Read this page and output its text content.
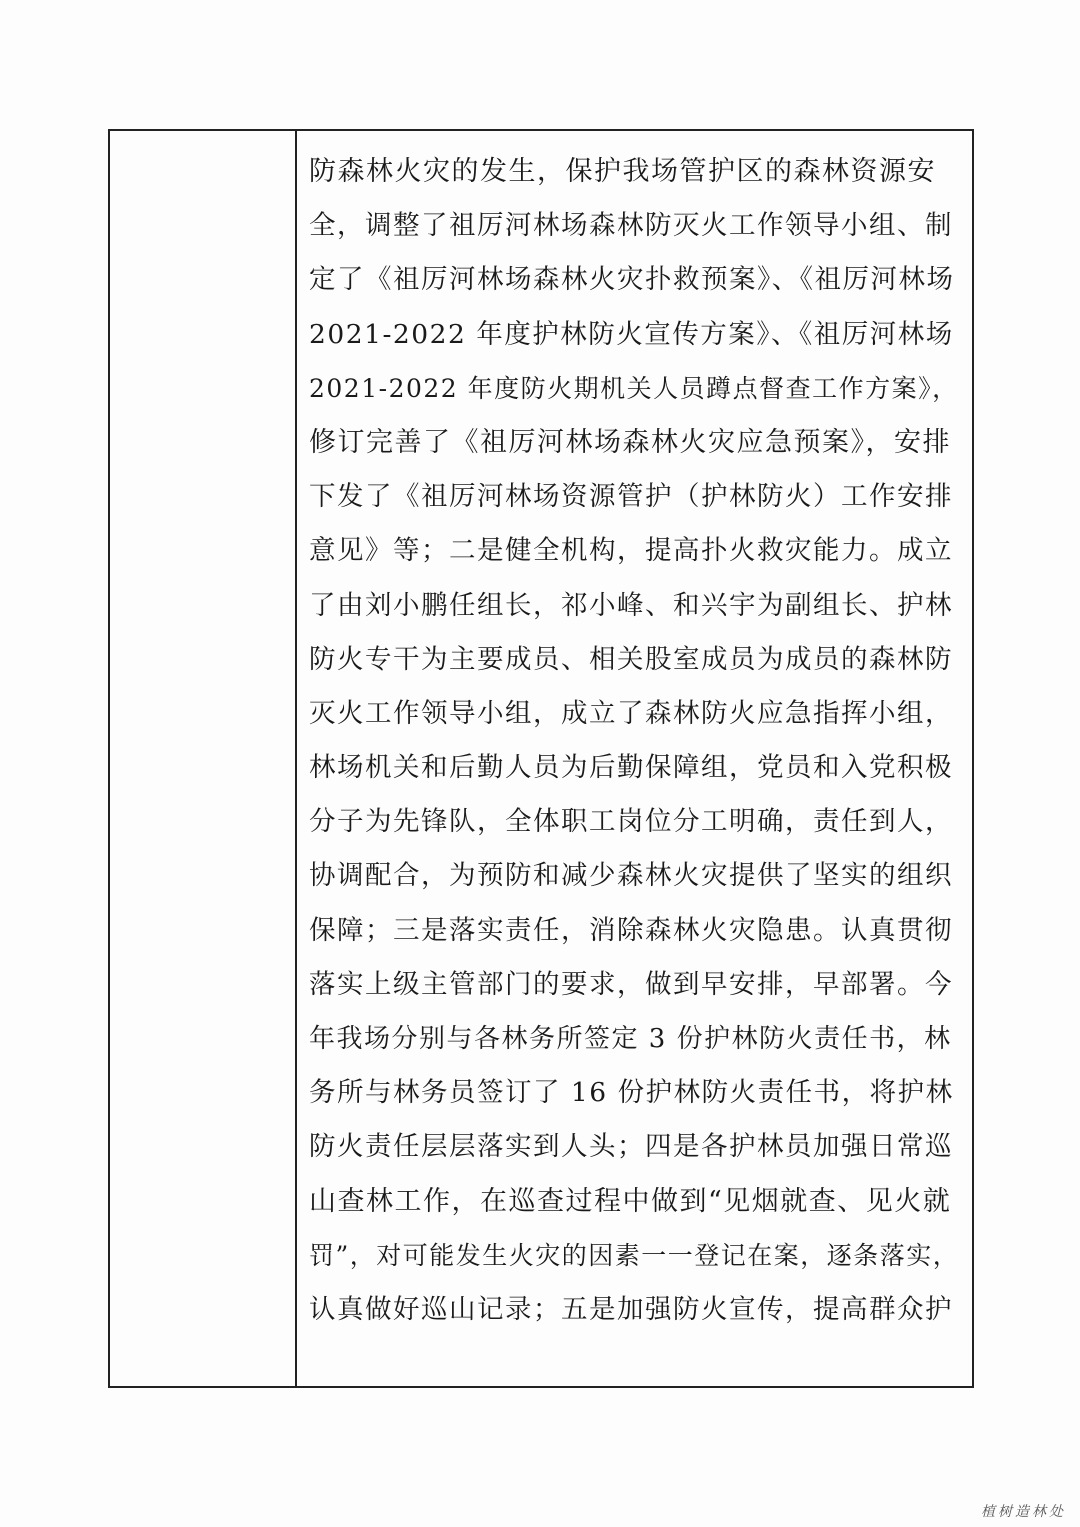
防森林火灾的发生，保护我场管护区的森林资源安
全，调整了祖厉河林场森林防灭火工作领导小组、制
定了《祖厉河林场森林火灾扑救预案》、《祖厉河林场
2021-2022 年度护林防火宣传方案》、《祖厉河林场
2021-2022 年度防火期机关人员蹲点督查工作方案》，
修订完善了《祖厉河林场森林火灾应急预案》，安排
下发了《祖厉河林场资源管护（护林防火）工作安排
意见》等；二是健全机构，提高扑火救灾能力。成立
了由刘小鹏任组长，祁小峰、和兴宇为副组长、护林
防火专干为主要成员、相关股室成员为成员的森林防
灭火工作领导小组，成立了森林防火应急指挥小组，
林场机关和后勤人员为后勤保障组，党员和入党积极
分子为先锋队，全体职工岗位分工明确，责任到人，
协调配合，为预防和减少森林火灾提供了坚实的组织
保障；三是落实责任，消除森林火灾隐患。认真贯彻
落实上级主管部门的要求，做到早安排，早部署。今
年我场分别与各林务所签定 3 份护林防火责任书，林
务所与林务员签订了 16 份护林防火责任书，将护林
防火责任层层落实到人头；四是各护林员加强日常巡
山查林工作，在巡查过程中做到“见烟就查、见火就
罚”，对可能发生火灾的因素一一登记在案，逐条落实，
认真做好巡山记录；五是加强防火宣传，提高群众护
植树造林处
